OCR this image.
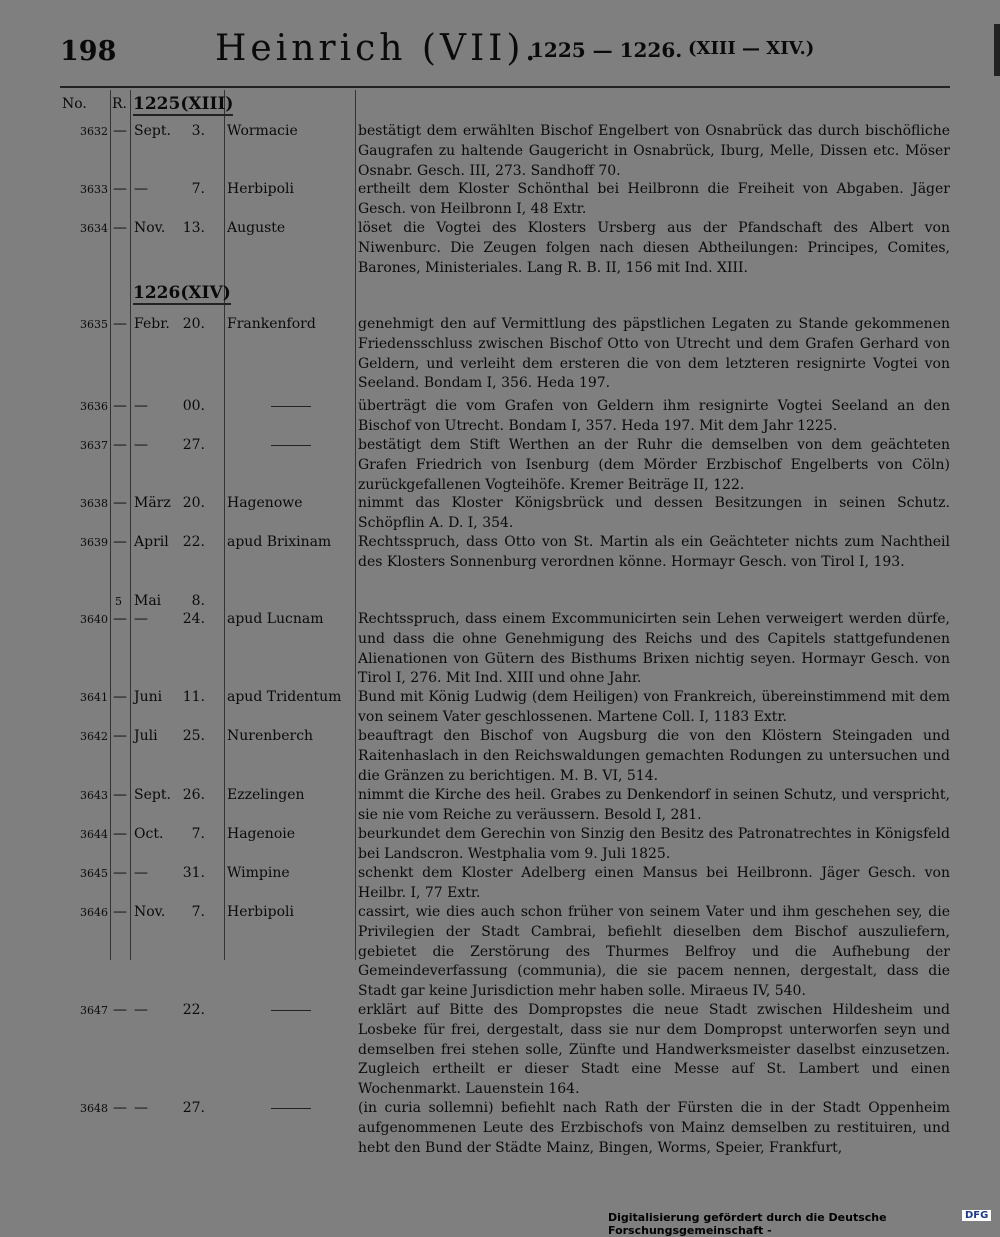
198	Heinrich (VII).
1225 — 1226. (XIII — XIV.)
No. R. 1225(XIII)
1226(XIV)
3632 — Sept.	3. Wormacie	bestätigt dem erwählten Bischof Engelbert von Osnabrück das durch bischöfliche Gaugrafen zu haltende Gaugericht in Osnabrück, Iburg, Melle, Dissen etc. Möser Osnabr. Gesch. III, 273. Sandhoff 70.
3633 — —	7. Herbipoli	ertheilt dem Kloster Schönthal bei Heilbronn die Freiheit von Abgaben. Jäger Gesch. von Heilbronn I, 48 Extr.
3634 — Nov.	13. Auguste	löset die Vogtei des Klosters Ursberg aus der Pfandschaft des Albert von Niwenburc. Die Zeugen folgen nach diesen Abtheilungen: Principes, Comites, Barones, Ministeriales. Lang R. B. II, 156 mit Ind. XIII.
3635 — Febr. 20. Frankenford	genehmigt den auf Vermittlung des päpstlichen Legaten zu Stande gekommenen Friedensschluss zwischen Bischof Otto von Utrecht und dem Grafen Gerhard von Geldern, und verleiht dem ersteren die von dem letzteren resignirte Vogtei von Seeland. Bondam I, 356. Heda 197.
3636 — —	00.	überträgt die vom Grafen von Geldern ihm resignirte Vogtei Seeland an den Bischof von Utrecht. Bondam I, 357. Heda 197. Mit dem Jahr 1225.
3637 — —	27.	bestätigt dem Stift Werthen an der Ruhr die demselben von dem geächteten Grafen Friedrich von Isenburg (dem Mörder Erzbischof Engelberts von Cöln) zurückgefallenen Vogteihöfe. Kremer Beiträge II, 122.
3638 — März 20. Hagenowe	nimmt das Kloster Königsbrück und dessen Besitzungen in seinen Schutz. Schöpflin A. D. I, 354.
3639 — April	22. apud Brixinam	Rechtsspruch, dass Otto von St. Martin als ein Geächteter nichts zum Nachtheil des Klosters Sonnenburg verordnen könne. Hormayr Gesch. von Tirol I, 193.
5 Mai	8.
3640 — —	24. apud Lucnam	Rechtsspruch, dass einem Excommunicirten sein Lehen verweigert werden dürfe, und dass die ohne Genehmigung des Reichs und des Capitels stattgefundenen Alienationen von Gütern des Bisthums Brixen nichtig seyen. Hormayr Gesch. von Tirol I, 276. Mit Ind. XIII und ohne Jahr.
3641 — Juni	11. apud Tridentum	Bund mit König Ludwig (dem Heiligen) von Frankreich, übereinstimmend mit dem von seinem Vater geschlossenen. Martene Coll. I, 1183 Extr.
3642 — Juli	25. Nurenberch	beauftragt den Bischof von Augsburg die von den Klöstern Steingaden und Raitenhaslach in den Reichswaldungen gemachten Rodungen zu untersuchen und die Gränzen zu berichtigen. M. B. VI, 514.
3643 — Sept. 26. Ezzelingen	nimmt die Kirche des heil. Grabes zu Denkendorf in seinen Schutz, und verspricht, sie nie vom Reiche zu veräussern. Besold I, 281.
3644 — Oct.	7. Hagenoie	beurkundet dem Gerechin von Sinzig den Besitz des Patronatrechtes in Königsfeld bei Landscron. Westphalia vom 9. Juli 1825.
3645 — —	31. Wimpine	schenkt dem Kloster Adelberg einen Mansus bei Heilbronn. Jäger Gesch. von Heilbr. I, 77 Extr.
3646 — Nov.	7. Herbipoli	cassirt, wie dies auch schon früher von seinem Vater und ihm geschehen sey, die Privilegien der Stadt Cambrai, befiehlt dieselben dem Bischof auszuliefern, gebietet die Zerstörung des Thurmes Belfroy und die Aufhebung der Gemeindeverfassung (communia), die sie pacem nennen, dergestalt, dass die Stadt gar keine Jurisdiction mehr haben solle. Miraeus IV, 540.
3647 — —	22.	erklärt auf Bitte des Dompropstes die neue Stadt zwischen Hildesheim und Losbeke für frei, dergestalt, dass sie nur dem Dompropst unterworfen seyn und demselben frei stehen solle, Zünfte und Handwerksmeister daselbst einzusetzen. Zugleich ertheilt er dieser Stadt eine Messe auf St. Lambert und einen Wochenmarkt. Lauenstein 164.
3648 — —	27.	(in curia sollemni) befiehlt nach Rath der Fürsten die in der Stadt Oppenheim aufgenommenen Leute des Erzbischofs von Mainz demselben zu restituiren, und hebt den Bund der Städte Mainz, Bingen, Worms, Speier, Frankfurt,
Digitalisierung gefördert durch die Deutsche Forschungsgemeinschaft -
DFG
